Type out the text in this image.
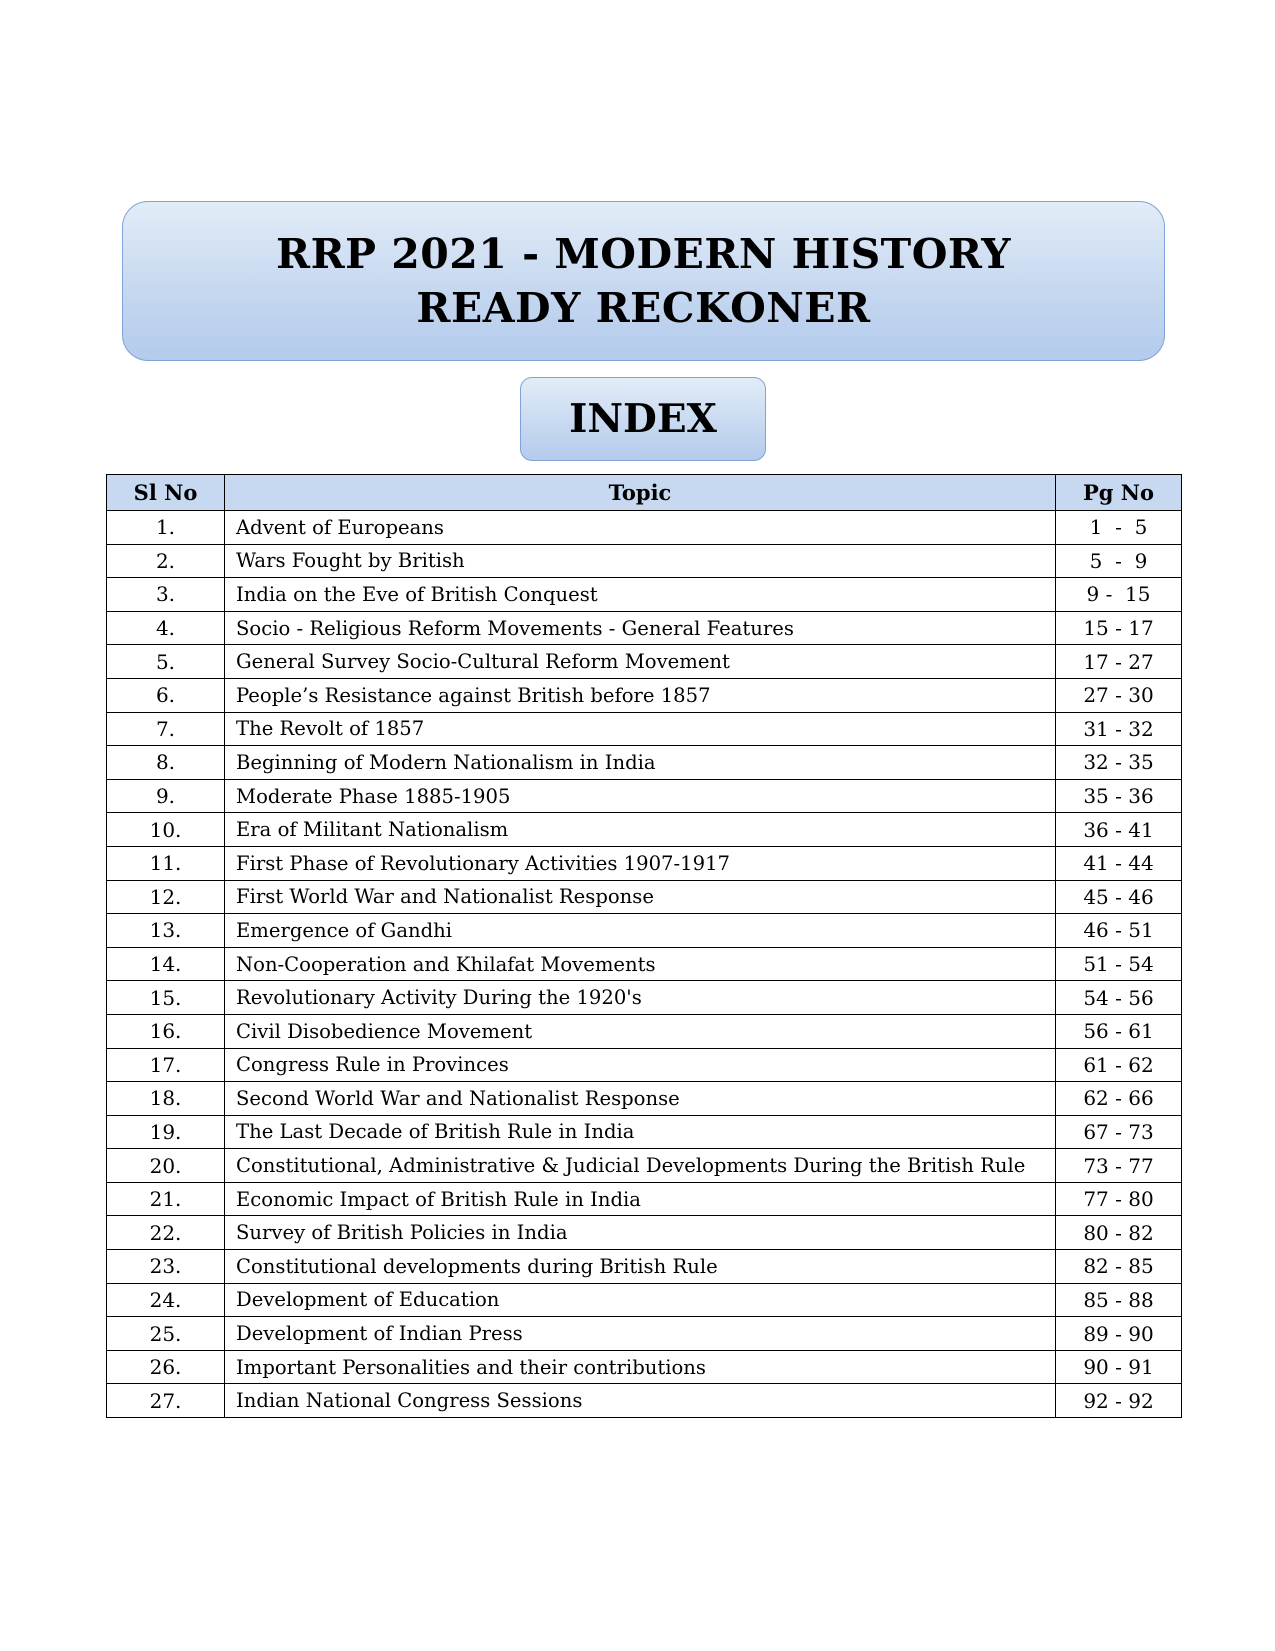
RRP 2021 - MODERN HISTORY
READY RECKONER
INDEX
Sl No	Topic	Pg No
1.	Advent of Europeans	1  -  5
2.	Wars Fought by British	5  -  9
3.	India on the Eve of British Conquest	9 -  15
4.	Socio - Religious Reform Movements - General Features	15 - 17
5.	General Survey Socio-Cultural Reform Movement	17 - 27
6.	People’s Resistance against British before 1857	27 - 30
7.	The Revolt of 1857	31 - 32
8.	Beginning of Modern Nationalism in India	32 - 35
9.	Moderate Phase 1885-1905	35 - 36
10.	Era of Militant Nationalism	36 - 41
11.	First Phase of Revolutionary Activities 1907-1917	41 - 44
12.	First World War and Nationalist Response	45 - 46
13.	Emergence of Gandhi	46 - 51
14.	Non-Cooperation and Khilafat Movements	51 - 54
15.	Revolutionary Activity During the 1920's	54 - 56
16.	Civil Disobedience Movement	56 - 61
17.	Congress Rule in Provinces	61 - 62
18.	Second World War and Nationalist Response	62 - 66
19.	The Last Decade of British Rule in India	67 - 73
20.	Constitutional, Administrative & Judicial Developments During the British Rule	73 - 77
21.	Economic Impact of British Rule in India	77 - 80
22.	Survey of British Policies in India	80 - 82
23.	Constitutional developments during British Rule	82 - 85
24.	Development of Education	85 - 88
25.	Development of Indian Press	89 - 90
26.	Important Personalities and their contributions	90 - 91
27.	Indian National Congress Sessions	92 - 92
